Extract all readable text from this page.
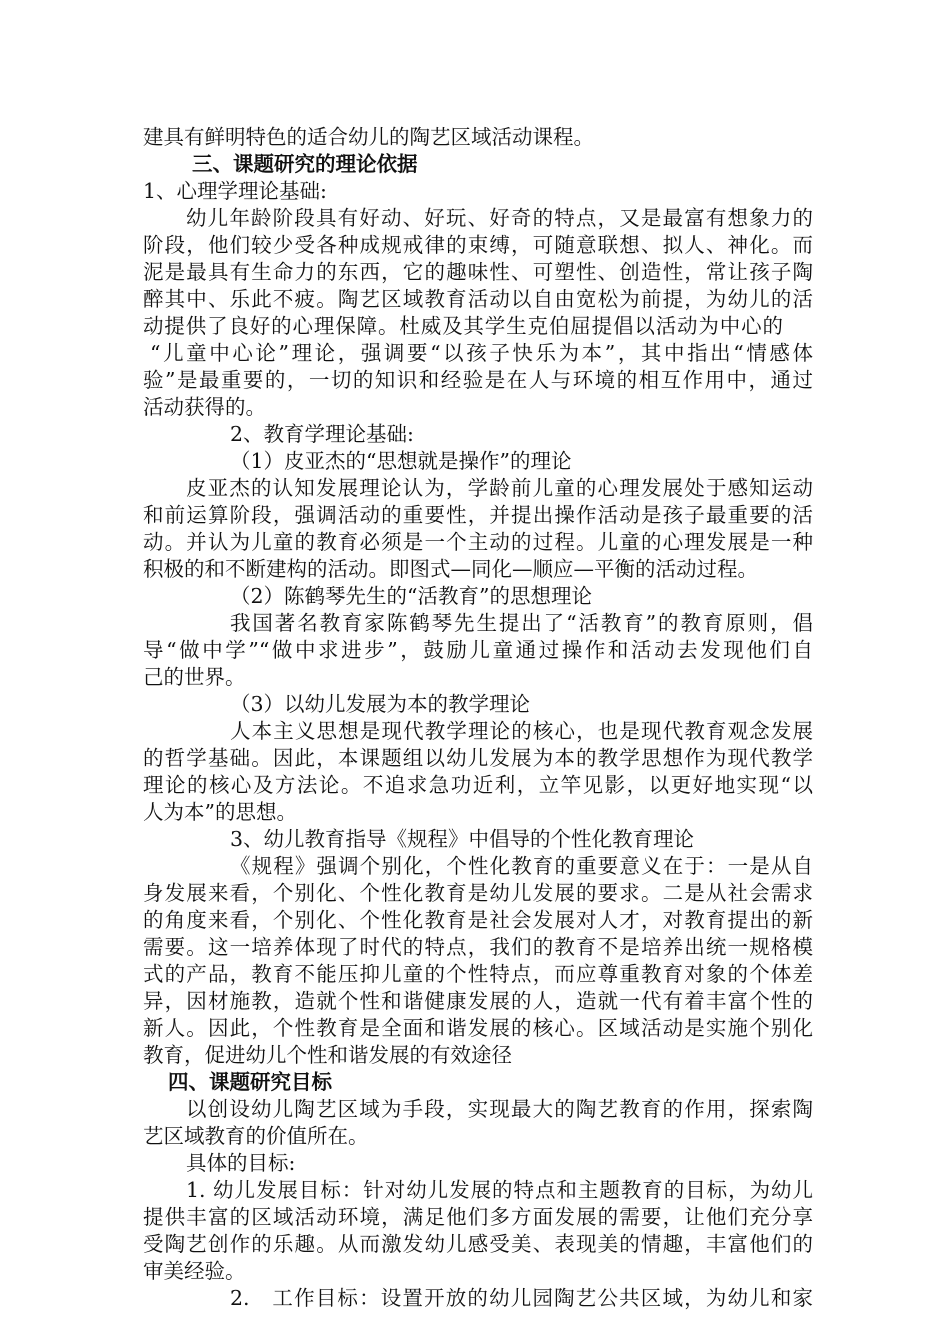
建具有鲜明特色的适合幼儿的陶艺区域活动课程。
三、课题研究的理论依据
1、心理学理论基础:
幼儿年龄阶段具有好动、好玩、好奇的特点，又是最富有想象力的
阶段，他们较少受各种成规戒律的束缚，可随意联想、拟人、神化。而
泥是最具有生命力的东西，它的趣味性、可塑性、创造性，常让孩子陶
醉其中、乐此不疲。陶艺区域教育活动以自由宽松为前提，为幼儿的活
动提供了良好的心理保障。杜威及其学生克伯屈提倡以活动为中心的
“儿童中心论”理论，强调要“以孩子快乐为本”，其中指出“情感体
验”是最重要的，一切的知识和经验是在人与环境的相互作用中，通过
活动获得的。
2、教育学理论基础:
（1）皮亚杰的“思想就是操作”的理论
皮亚杰的认知发展理论认为，学龄前儿童的心理发展处于感知运动
和前运算阶段，强调活动的重要性，并提出操作活动是孩子最重要的活
动。并认为儿童的教育必须是一个主动的过程。儿童的心理发展是一种
积极的和不断建构的活动。即图式—同化—顺应—平衡的活动过程。
（2）陈鹤琴先生的“活教育”的思想理论
我国著名教育家陈鹤琴先生提出了“活教育”的教育原则，倡
导“做中学”“做中求进步”，鼓励儿童通过操作和活动去发现他们自
己的世界。
（3）以幼儿发展为本的教学理论
人本主义思想是现代教学理论的核心，也是现代教育观念发展
的哲学基础。因此，本课题组以幼儿发展为本的教学思想作为现代教学
理论的核心及方法论。不追求急功近利，立竿见影，以更好地实现“以
人为本”的思想。
3、幼儿教育指导《规程》中倡导的个性化教育理论
《规程》强调个别化，个性化教育的重要意义在于：一是从自
身发展来看，个别化、个性化教育是幼儿发展的要求。二是从社会需求
的角度来看，个别化、个性化教育是社会发展对人才，对教育提出的新
需要。这一培养体现了时代的特点，我们的教育不是培养出统一规格模
式的产品，教育不能压抑儿童的个性特点，而应尊重教育对象的个体差
异，因材施教，造就个性和谐健康发展的人，造就一代有着丰富个性的
新人。因此，个性教育是全面和谐发展的核心。区域活动是实施个别化
教育，促进幼儿个性和谐发展的有效途径
四、课题研究目标
以创设幼儿陶艺区域为手段，实现最大的陶艺教育的作用，探索陶
艺区域教育的价值所在。
具体的目标:
1. 幼儿发展目标：针对幼儿发展的特点和主题教育的目标，为幼儿
提供丰富的区域活动环境，满足他们多方面发展的需要，让他们充分享
受陶艺创作的乐趣。从而激发幼儿感受美、表现美的情趣，丰富他们的
审美经验。
2.　工作目标：设置开放的幼儿园陶艺公共区域，为幼儿和家
